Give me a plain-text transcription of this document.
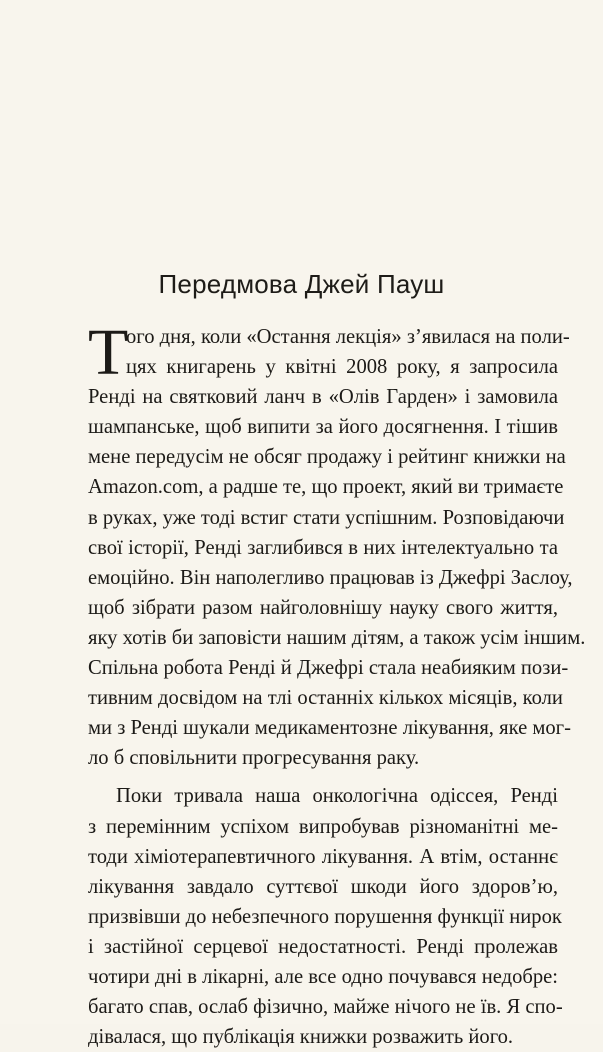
Передмова Джей Пауш
Т
ого дня, коли «Остання лекція» з’явилася на поли-
цях книгарень у квітні 2008 року, я запросила
Ренді на святковий ланч в «Олів Гарден» і замовила
шампанське, щоб випити за його досягнення. І тішив
мене передусім не обсяг продажу і рейтинг книжки на
Amazon.com, а радше те, що проект, який ви тримаєте
в руках, уже тоді встиг стати успішним. Розповідаючи
свої історії, Ренді заглибився в них інтелектуально та
емоційно. Він наполегливо працював із Джефрі Заслоу,
щоб зібрати разом найголовнішу науку свого життя,
яку хотів би заповісти нашим дітям, а також усім іншим.
Спільна робота Ренді й Джефрі стала неабияким пози-
тивним досвідом на тлі останніх кількох місяців, коли
ми з Ренді шукали медикаментозне лікування, яке мог-
ло б сповільнити прогресування раку.
Поки тривала наша онкологічна одіссея, Ренді
з перемінним успіхом випробував різноманітні ме-
тоди хіміотерапевтичного лікування. А втім, останнє
лікування завдало суттєвої шкоди його здоров’ю,
призвівши до небезпечного порушення функції нирок
і застійної серцевої недостатності. Ренді пролежав
чотири дні в лікарні, але все одно почувався недобре:
багато спав, ослаб фізично, майже нічого не їв. Я спо-
дівалася, що публікація книжки розважить його.
